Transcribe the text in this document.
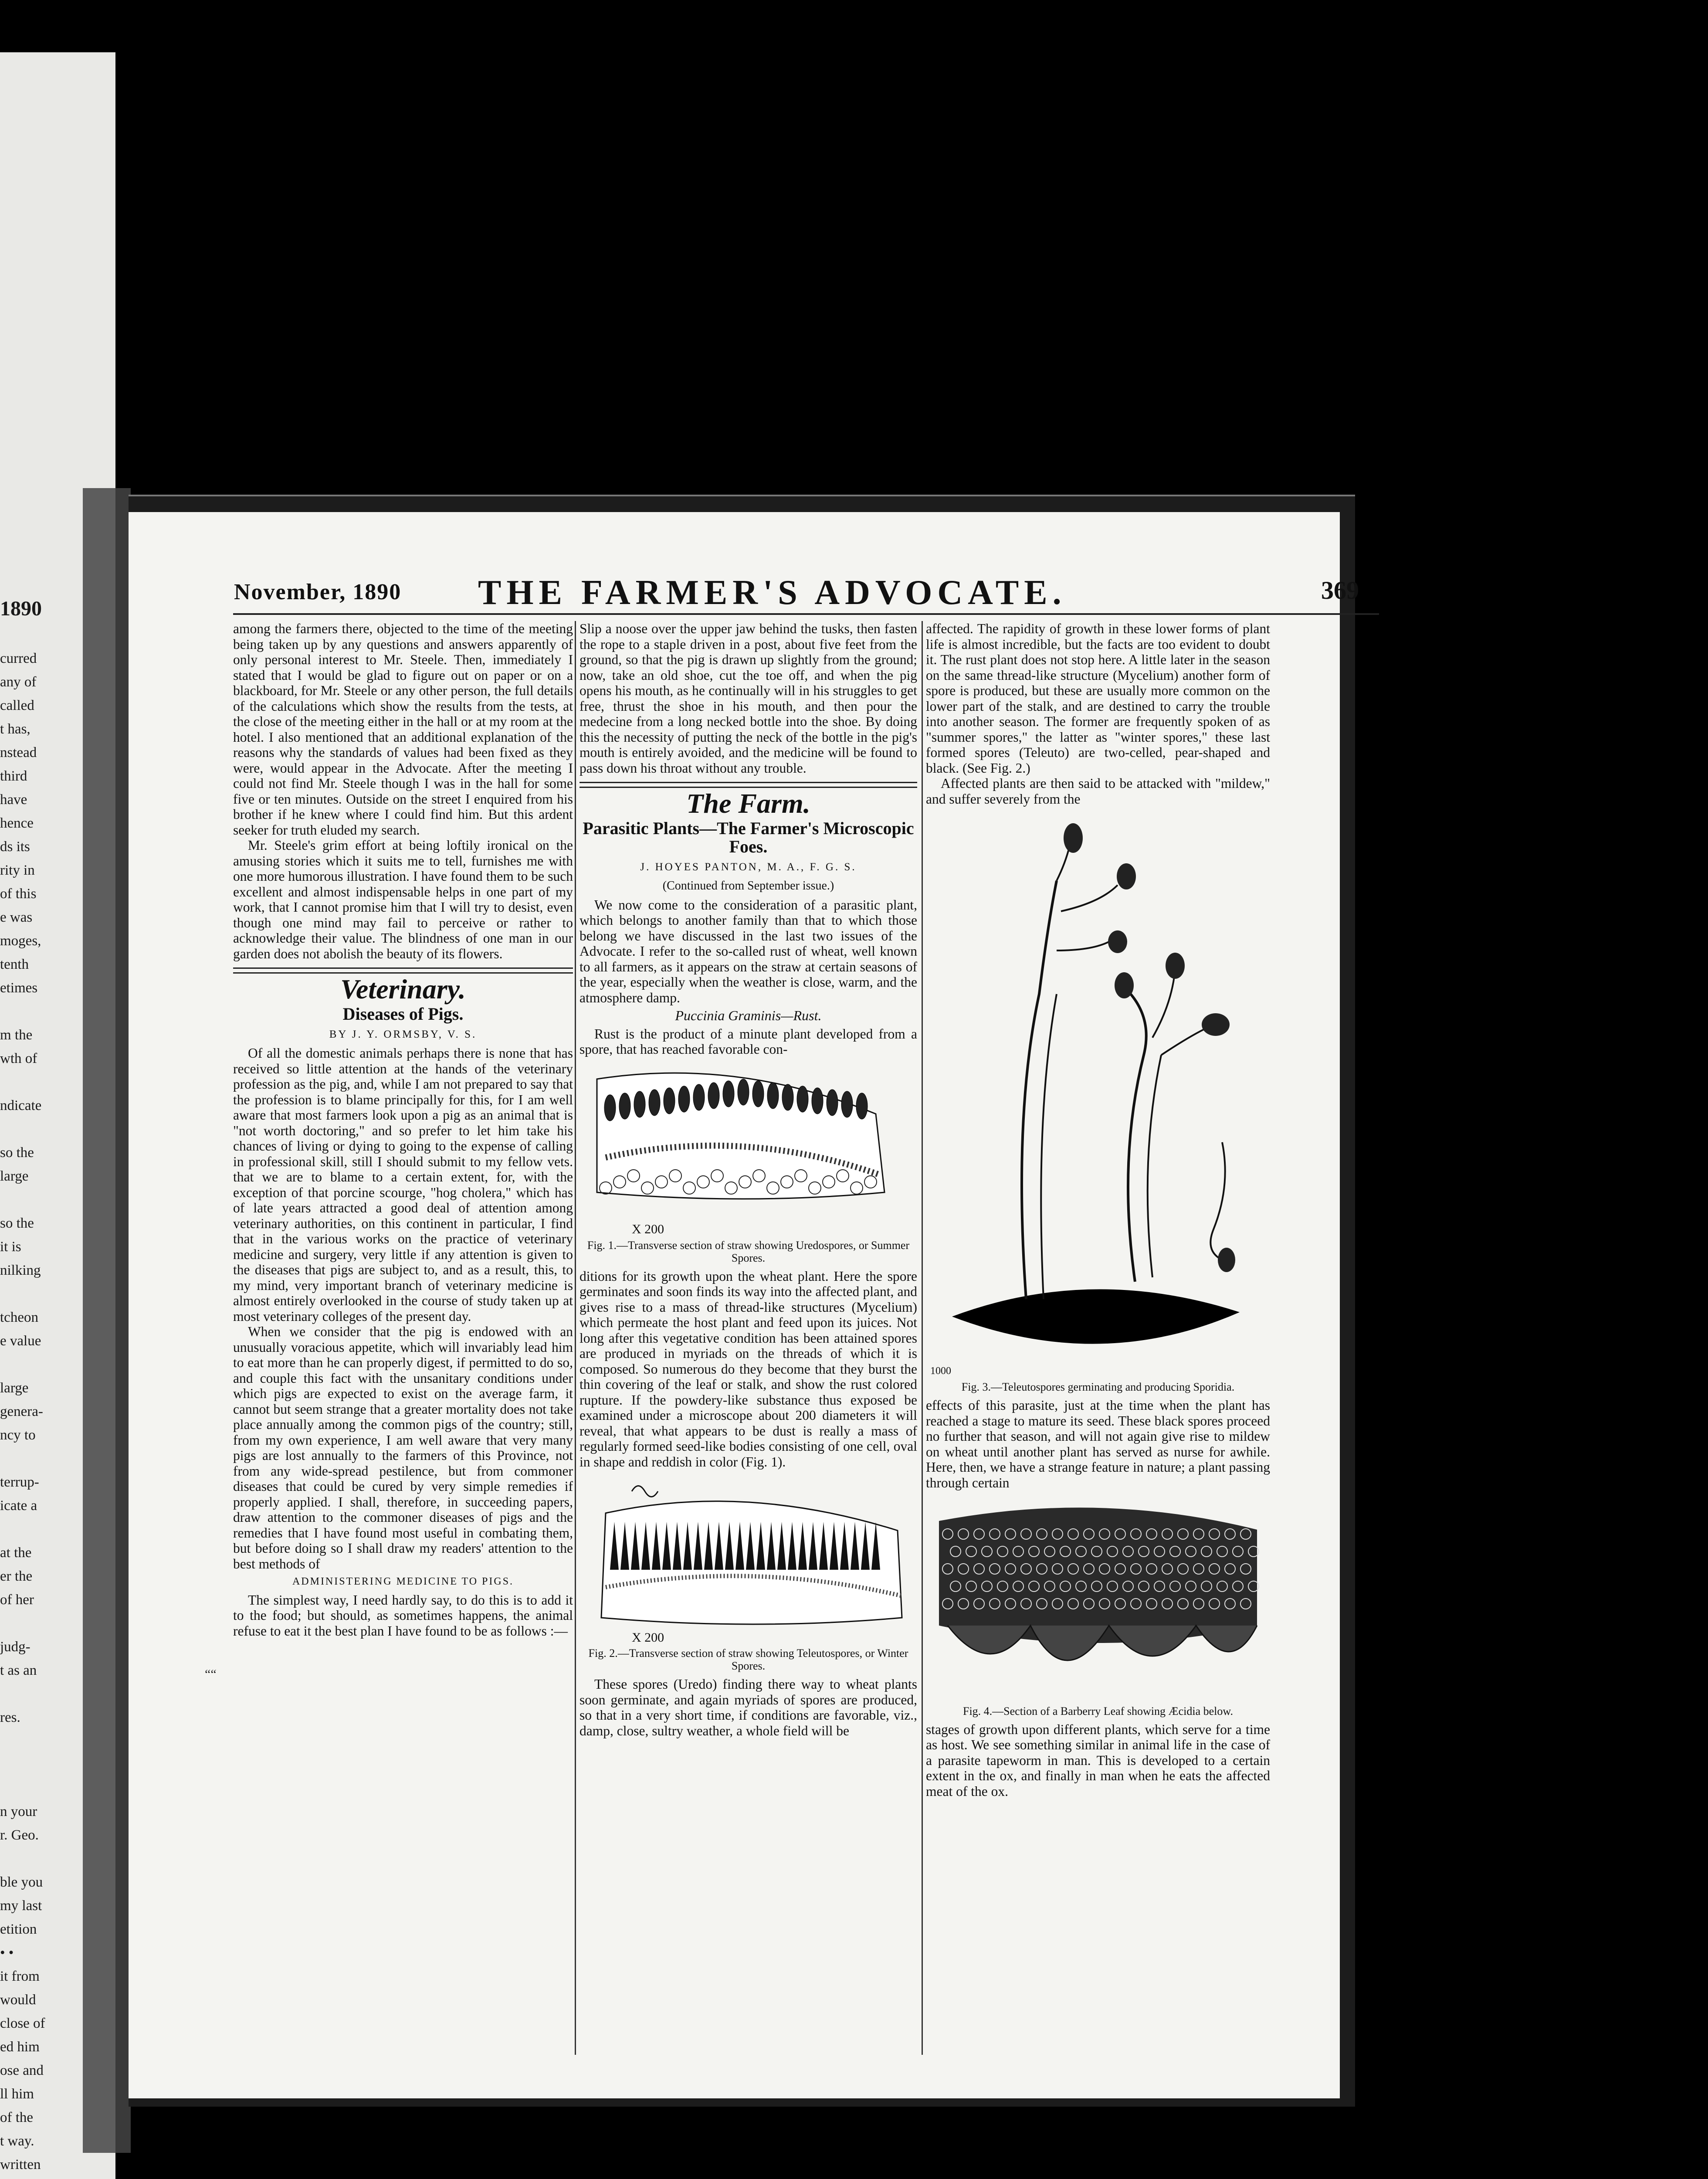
1890
curred
any of
called
t has,
nstead
third
have
hence
ds its
rity in
of this
e was
moges,
tenth
etimes

m the
wth of

ndicate

so the
large

so the
it is
nilking

tcheon
e value

large
genera-
ncy to

terrup-
icate a

at the
er the
of her

judg-
t as an

res.

n your
r. Geo.

ble you
my last
etition
• •
it from
would
close of
ed him
ose and
ll him
of the
t way.
written

November, 1890 THE FARMER'S ADVOCATE.	369

among the farmers there, objected to the time of the meeting being taken up by any questions and answers apparently of only personal interest to Mr. Steele. Then, immediately I stated that I would be glad to figure out on paper or on a blackboard, for Mr. Steele or any other person, the full details of the calculations which show the results from the tests, at the close of the meeting either in the hall or at my room at the hotel. I also mentioned that an additional explanation of the reasons why the standards of values had been fixed as they were, would appear in the Advocate. After the meeting I could not find Mr. Steele though I was in the hall for some five or ten minutes. Outside on the street I enquired from his brother if he knew where I could find him. But this ardent seeker for truth eluded my search.

Mr. Steele's grim effort at being loftily ironical on the amusing stories which it suits me to tell, furnishes me with one more humorous illustration. I have found them to be such excellent and almost indispensable helps in one part of my work, that I cannot promise him that I will try to desist, even though one mind may fail to perceive or rather to acknowledge their value. The blindness of one man in our garden does not abolish the beauty of its flowers.

Veterinary.
Diseases of Pigs.
BY J. Y. ORMSBY, V. S.

Of all the domestic animals perhaps there is none that has received so little attention at the hands of the veterinary profession as the pig, and, while I am not prepared to say that the profession is to blame principally for this, for I am well aware that most farmers look upon a pig as an animal that is "not worth doctoring," and so prefer to let him take his chances of living or dying to going to the expense of calling in professional skill, still I should submit to my fellow vets. that we are to blame to a certain extent, for, with the exception of that porcine scourge, "hog cholera," which has of late years attracted a good deal of attention among veterinary authorities, on this continent in particular, I find that in the various works on the practice of veterinary medicine and surgery, very little if any attention is given to the diseases that pigs are subject to, and as a result, this, to my mind, very important branch of veterinary medicine is almost entirely overlooked in the course of study taken up at most veterinary colleges of the present day.

When we consider that the pig is endowed with an unusually voracious appetite, which will invariably lead him to eat more than he can properly digest, if permitted to do so, and couple this fact with the unsanitary conditions under which pigs are expected to exist on the average farm, it cannot but seem strange that a greater mortality does not take place annually among the common pigs of the country; still, from my own experience, I am well aware that very many pigs are lost annually to the farmers of this Province, not from any wide-spread pestilence, but from commoner diseases that could be cured by very simple remedies if properly applied. I shall, therefore, in succeeding papers, draw attention to the commoner diseases of pigs and the remedies that I have found most useful in combating them, but before doing so I shall draw my readers' attention to the best methods of

ADMINISTERING MEDICINE TO PIGS.

The simplest way, I need hardly say, to do this is to add it to the food; but should, as sometimes happens, the animal refuse to eat it the best plan I have found to be as follows :—

““

Slip a noose over the upper jaw behind the tusks, then fasten the rope to a staple driven in a post, about five feet from the ground, so that the pig is drawn up slightly from the ground; now, take an old shoe, cut the toe off, and when the pig opens his mouth, as he continually will in his struggles to get free, thrust the shoe in his mouth, and then pour the medecine from a long necked bottle into the shoe. By doing this the necessity of putting the neck of the bottle in the pig's mouth is entirely avoided, and the medicine will be found to pass down his throat without any trouble.

The Farm.
Parasitic Plants—The Farmer's Microscopic Foes.
J. HOYES PANTON, M. A., F. G. S.
(Continued from September issue.)

We now come to the consideration of a parasitic plant, which belongs to another family than that to which those belong we have discussed in the last two issues of the Advocate. I refer to the so-called rust of wheat, well known to all farmers, as it appears on the straw at certain seasons of the year, especially when the weather is close, warm, and the atmosphere damp.

Puccinia Graminis—Rust.

Rust is the product of a minute plant developed from a spore, that has reached favorable con-

X 200
Fig. 1.—Transverse section of straw showing Uredospores, or Summer Spores.

ditions for its growth upon the wheat plant. Here the spore germinates and soon finds its way into the affected plant, and gives rise to a mass of thread-like structures (Mycelium) which permeate the host plant and feed upon its juices. Not long after this vegetative condition has been attained spores are produced in myriads on the threads of which it is composed. So numerous do they become that they burst the thin covering of the leaf or stalk, and show the rust colored rupture. If the powdery-like substance thus exposed be examined under a microscope about 200 diameters it will reveal, that what appears to be dust is really a mass of regularly formed seed-like bodies consisting of one cell, oval in shape and reddish in color (Fig. 1).

X 200
Fig. 2.—Transverse section of straw showing Teleutospores, or Winter Spores.

These spores (Uredo) finding there way to wheat plants soon germinate, and again myriads of spores are produced, so that in a very short time, if conditions are favorable, viz., damp, close, sultry weather, a whole field will be

affected. The rapidity of growth in these lower forms of plant life is almost incredible, but the facts are too evident to doubt it. The rust plant does not stop here. A little later in the season on the same thread-like structure (Mycelium) another form of spore is produced, but these are usually more common on the lower part of the stalk, and are destined to carry the trouble into another season. The former are frequently spoken of as "summer spores," the latter as "winter spores," these last formed spores (Teleuto) are two-celled, pear-shaped and black. (See Fig. 2.)

Affected plants are then said to be attacked with "mildew," and suffer severely from the

1000
Fig. 3.—Teleutospores germinating and producing Sporidia.

effects of this parasite, just at the time when the plant has reached a stage to mature its seed. These black spores proceed no further that season, and will not again give rise to mildew on wheat until another plant has served as nurse for awhile. Here, then, we have a strange feature in nature; a plant passing through certain

Fig. 4.—Section of a Barberry Leaf showing Æcidia below.

stages of growth upon different plants, which serve for a time as host. We see something similar in animal life in the case of a parasite tapeworm in man. This is developed to a certain extent in the ox, and finally in man when he eats the affected meat of the ox.
